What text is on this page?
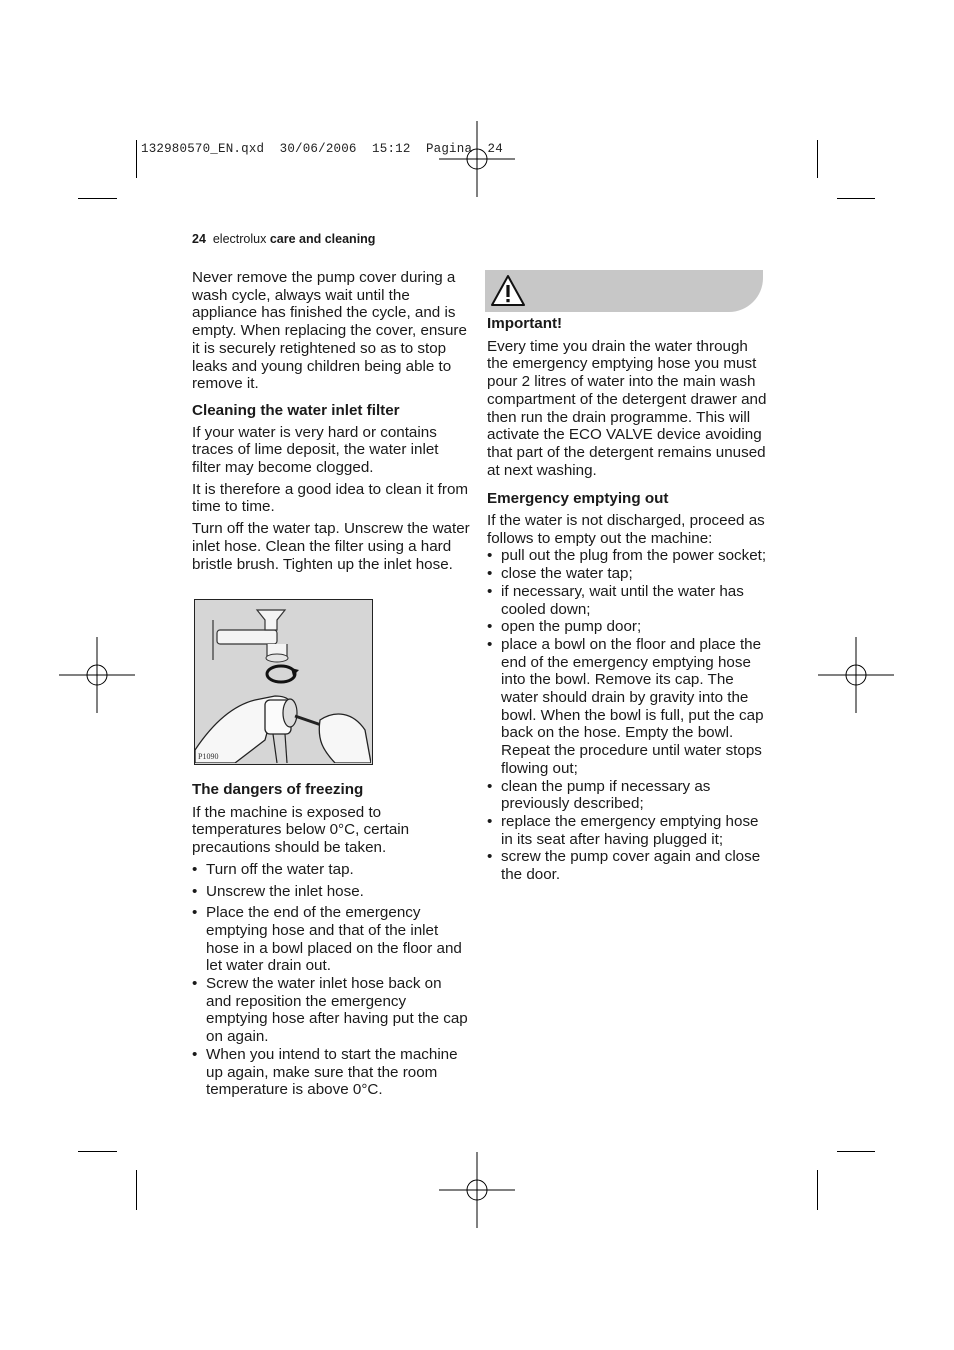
132980570_EN.qxd  30/06/2006  15:12  Pagina  24
24 electrolux care and cleaning

Never remove the pump cover during a wash cycle, always wait until the appliance has finished the cycle, and is empty. When replacing the cover, ensure it is securely retightened so as to stop leaks and young children being able to remove it.

Cleaning the water inlet filter

If your water is very hard or contains traces of lime deposit, the water inlet filter may become clogged.

It is therefore a good idea to clean it from time to time.

Turn off the water tap. Unscrew the water inlet hose. Clean the filter using a hard bristle brush. Tighten up the inlet hose.

P1090
The dangers of freezing

If the machine is exposed to temperatures below 0°C, certain precautions should be taken.

• Turn off the water tap.
• Unscrew the inlet hose.
• Place the end of the emergency emptying hose and that of the inlet hose in a bowl placed on the floor and let water drain out.
• Screw the water inlet hose back on and reposition the emergency emptying hose after having put the cap on again.
• When you intend to start the machine up again, make sure that the room temperature is above 0°C.
Important!

Every time you drain the water through the emergency emptying hose you must pour 2 litres of water into the main wash compartment of the detergent drawer and then run the drain programme. This will activate the ECO VALVE device avoiding that part of the detergent remains unused at next washing.

Emergency emptying out

If the water is not discharged, proceed as follows to empty out the machine:

• pull out the plug from the power socket;
• close the water tap;
• if necessary, wait until the water has cooled down;
• open the pump door;
• place a bowl on the floor and place the end of the emergency emptying hose into the bowl. Remove its cap. The water should drain by gravity into the bowl. When the bowl is full, put the cap back on the hose. Empty the bowl. Repeat the procedure until water stops flowing out;
• clean the pump if necessary as previously described;
• replace the emergency emptying hose in its seat after having plugged it;
• screw the pump cover again and close the door.
